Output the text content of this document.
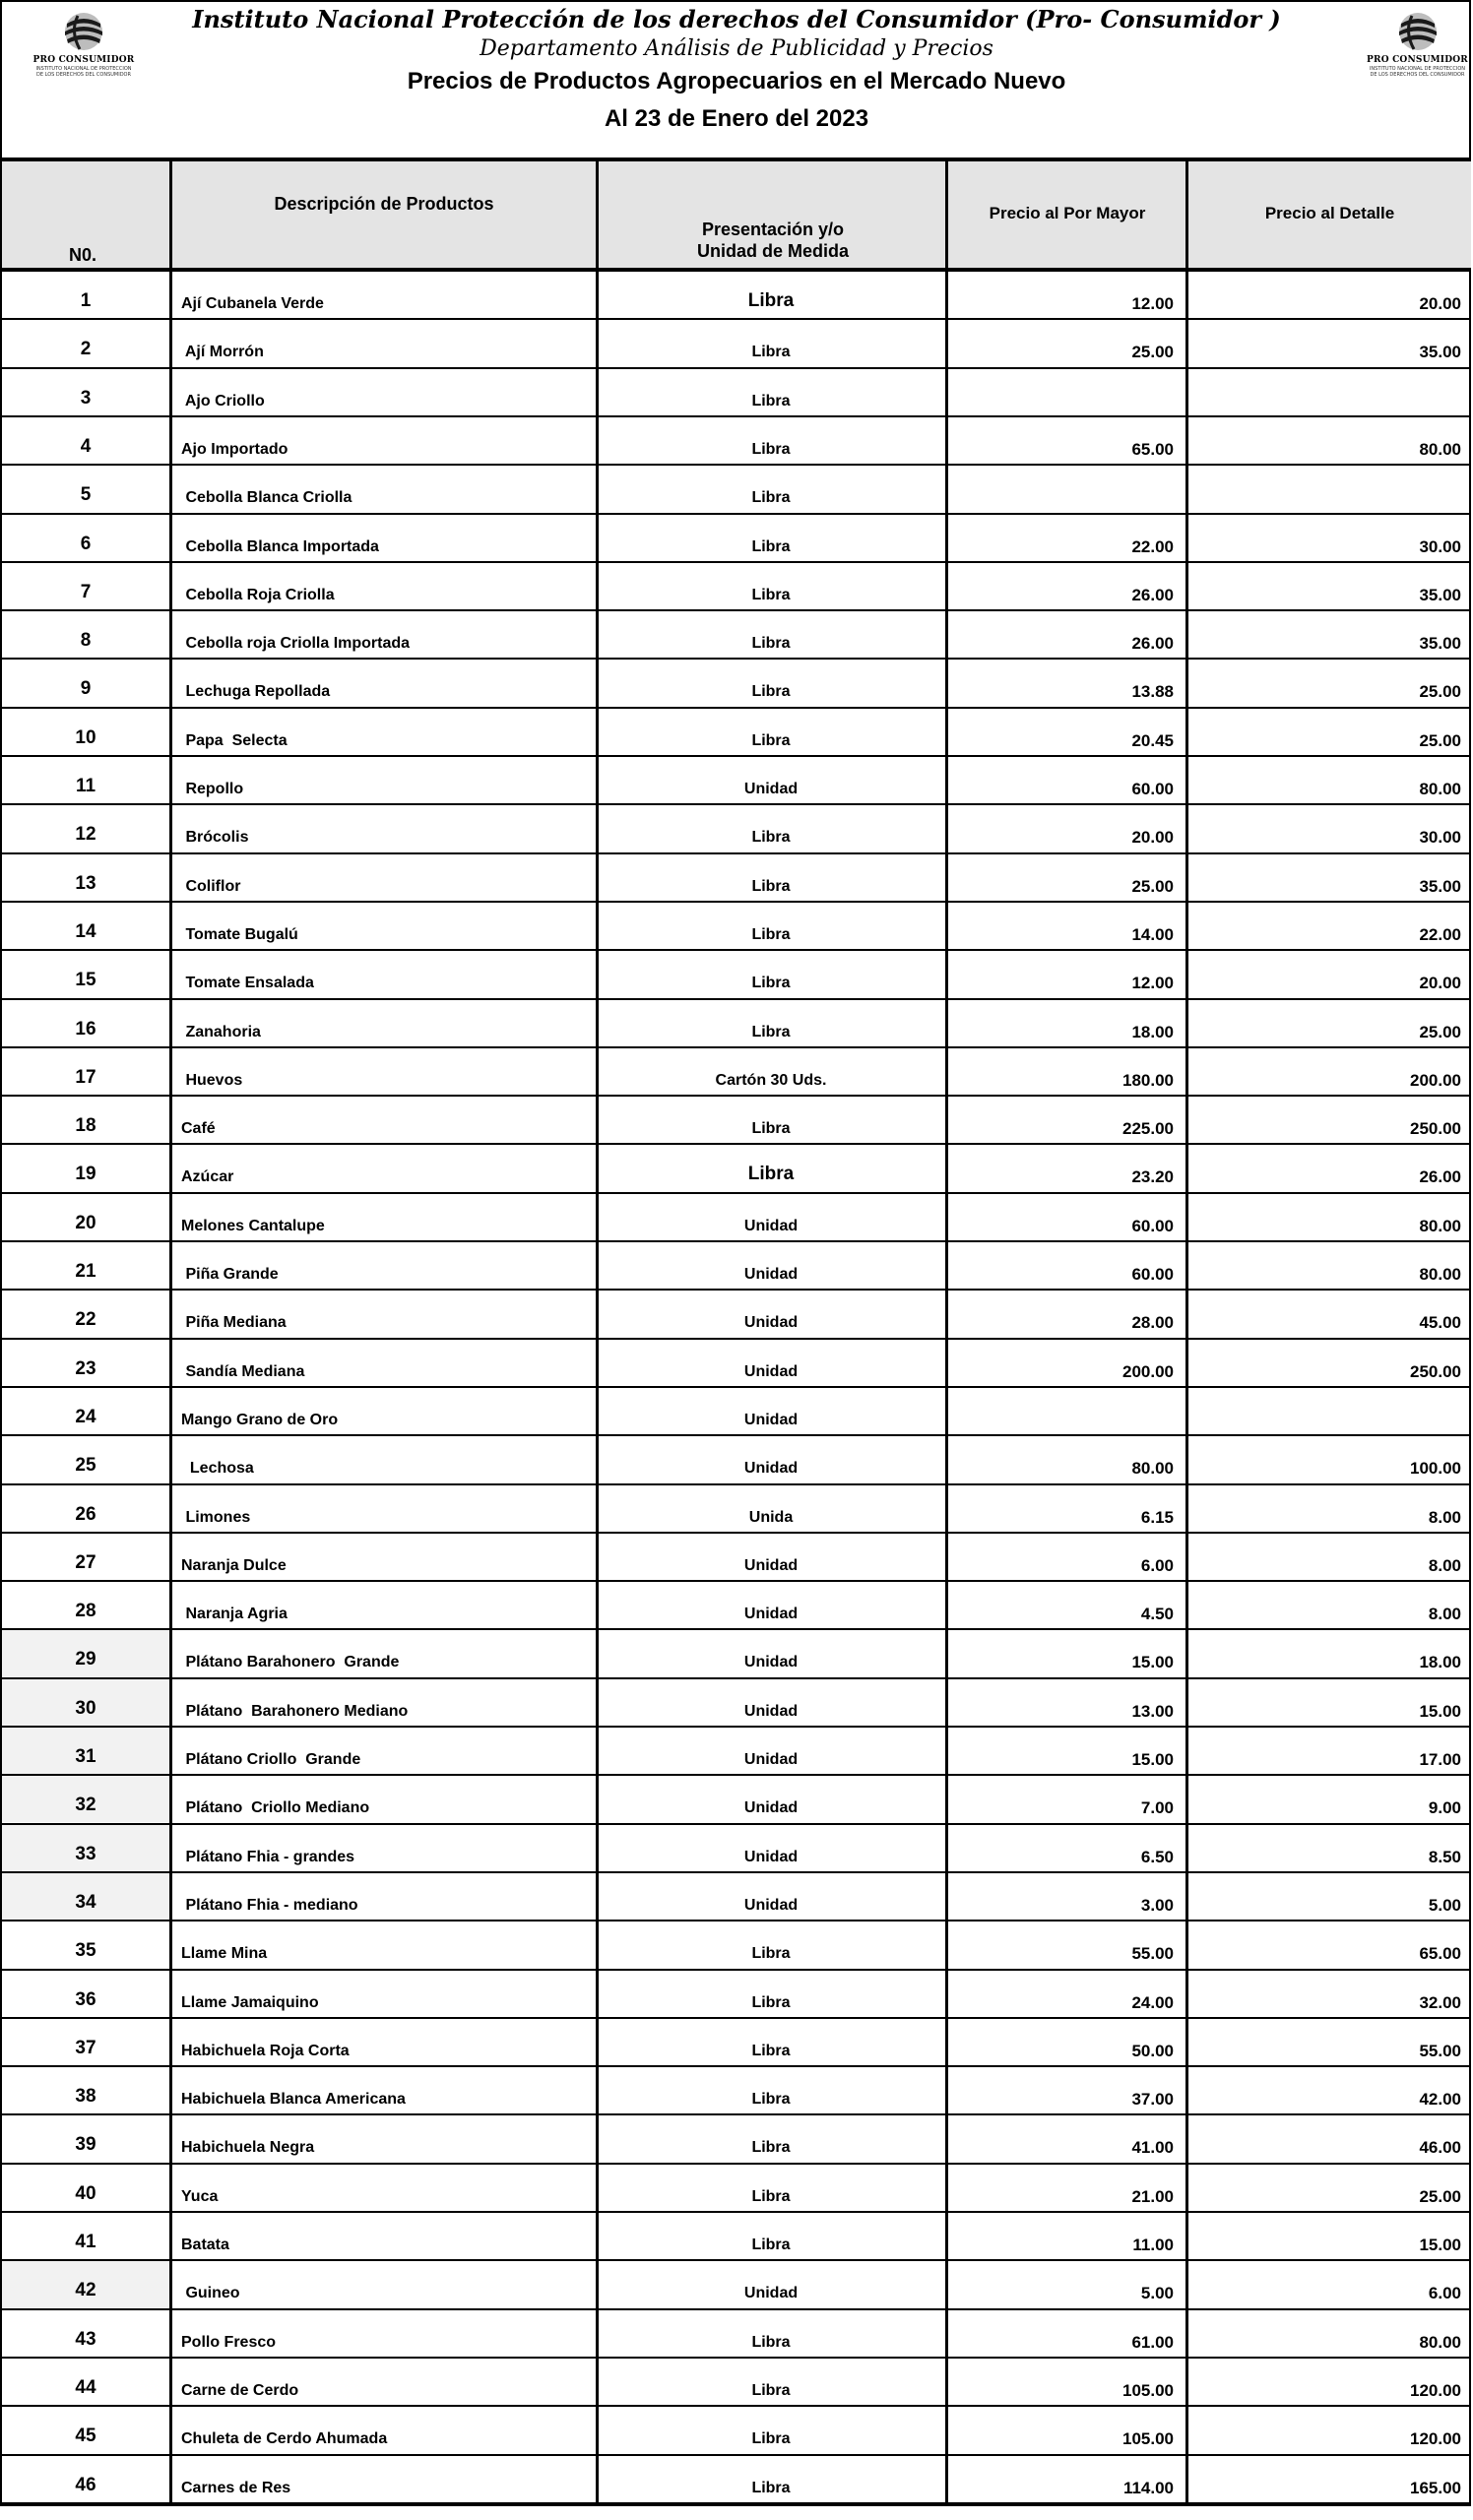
PRO CONSUMIDOR
INSTITUTO NACIONAL DE PROTECCION
DE LOS DERECHOS DEL CONSUMIDOR
Instituto Nacional Protección de los derechos del Consumidor (Pro- Consumidor )
Departamento Análisis de Publicidad y Precios
Precios de Productos Agropecuarios en el Mercado Nuevo
Al 23 de Enero del 2023
PRO CONSUMIDOR
INSTITUTO NACIONAL DE PROTECCION
DE LOS DERECHOS DEL CONSUMIDOR
N0.
Descripción de Productos
Presentación y/o
Unidad de Medida
Precio al Por Mayor	Precio al Detalle
1	Ají Cubanela Verde	Libra	12.00	20.00
2	Ají Morrón	Libra	25.00	35.00
3	Ajo Criollo	Libra
4	Ajo Importado	Libra	65.00	80.00
5	Cebolla Blanca Criolla	Libra
6	Cebolla Blanca Importada	Libra	22.00	30.00
7	Cebolla Roja Criolla	Libra	26.00	35.00
8	Cebolla roja Criolla Importada	Libra	26.00	35.00
9	Lechuga Repollada	Libra	13.88	25.00
10	Papa  Selecta	Libra	20.45	25.00
11	Repollo	Unidad	60.00	80.00
12	Brócolis	Libra	20.00	30.00
13	Coliflor	Libra	25.00	35.00
14	Tomate Bugalú	Libra	14.00	22.00
15	Tomate Ensalada	Libra	12.00	20.00
16	Zanahoria	Libra	18.00	25.00
17	Huevos	Cartón 30 Uds.	180.00	200.00
18	Café	Libra	225.00	250.00
19	Azúcar	Libra	23.20	26.00
20	Melones Cantalupe	Unidad	60.00	80.00
21	Piña Grande	Unidad	60.00	80.00
22	Piña Mediana	Unidad	28.00	45.00
23	Sandía Mediana	Unidad	200.00	250.00
24	Mango Grano de Oro	Unidad
25	Lechosa	Unidad	80.00	100.00
26	Limones	Unida	6.15	8.00
27	Naranja Dulce	Unidad	6.00	8.00
28	Naranja Agria	Unidad	4.50	8.00
29	Plátano Barahonero  Grande	Unidad	15.00	18.00
30	Plátano  Barahonero Mediano	Unidad	13.00	15.00
31	Plátano Criollo  Grande	Unidad	15.00	17.00
32	Plátano  Criollo Mediano	Unidad	7.00	9.00
33	Plátano Fhia - grandes	Unidad	6.50	8.50
34	Plátano Fhia - mediano	Unidad	3.00	5.00
35	Llame Mina	Libra	55.00	65.00
36	Llame Jamaiquino	Libra	24.00	32.00
37	Habichuela Roja Corta	Libra	50.00	55.00
38	Habichuela Blanca Americana	Libra	37.00	42.00
39	Habichuela Negra	Libra	41.00	46.00
40	Yuca	Libra	21.00	25.00
41	Batata	Libra	11.00	15.00
42	Guineo	Unidad	5.00	6.00
43	Pollo Fresco	Libra	61.00	80.00
44	Carne de Cerdo	Libra	105.00	120.00
45	Chuleta de Cerdo Ahumada	Libra	105.00	120.00
46	Carnes de Res	Libra	114.00	165.00
